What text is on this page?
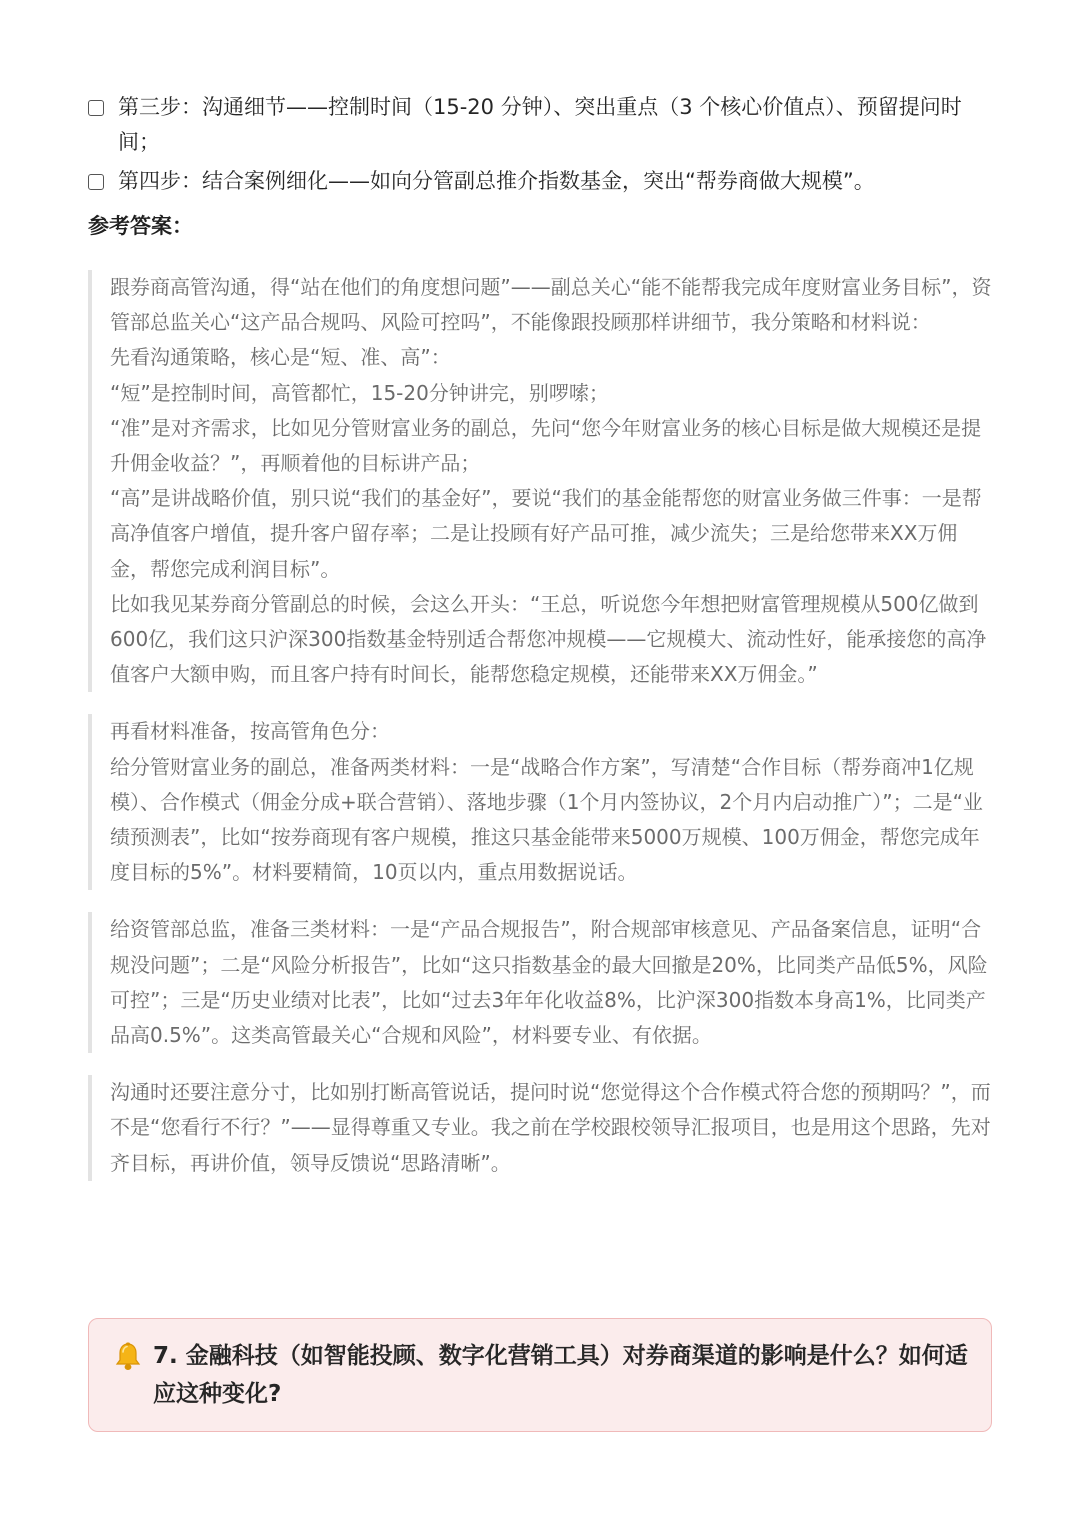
第三步：沟通细节——控制时间（15-20 分钟）、突出重点（3 个核心价值点）、预留提问时间；
第四步：结合案例细化——如向分管副总推介指数基金，突出“帮券商做大规模”。
参考答案：

跟券商高管沟通，得“站在他们的角度想问题”——副总关心“能不能帮我完成年度财富业务目标”，资管部总监关心“这产品合规吗、风险可控吗”，不能像跟投顾那样讲细节，我分策略和材料说：

先看沟通策略，核心是“短、准、高”：

“短”是控制时间，高管都忙，15-20分钟讲完，别啰嗦；

“准”是对齐需求，比如见分管财富业务的副总，先问“您今年财富业务的核心目标是做大规模还是提升佣金收益？”，再顺着他的目标讲产品；

“高”是讲战略价值，别只说“我们的基金好”，要说“我们的基金能帮您的财富业务做三件事：一是帮高净值客户增值，提升客户留存率；二是让投顾有好产品可推，减少流失；三是给您带来XX万佣金，帮您完成利润目标”。

比如我见某券商分管副总的时候，会这么开头：“王总，听说您今年想把财富管理规模从500亿做到600亿，我们这只沪深300指数基金特别适合帮您冲规模——它规模大、流动性好，能承接您的高净值客户大额申购，而且客户持有时间长，能帮您稳定规模，还能带来XX万佣金。”

再看材料准备，按高管角色分：

给分管财富业务的副总，准备两类材料：一是“战略合作方案”，写清楚“合作目标（帮券商冲1亿规模）、合作模式（佣金分成+联合营销）、落地步骤（1个月内签协议，2个月内启动推广）”；二是“业绩预测表”，比如“按券商现有客户规模，推这只基金能带来5000万规模、100万佣金，帮您完成年度目标的5%”。材料要精简，10页以内，重点用数据说话。

给资管部总监，准备三类材料：一是“产品合规报告”，附合规部审核意见、产品备案信息，证明“合规没问题”；二是“风险分析报告”，比如“这只指数基金的最大回撤是20%，比同类产品低5%，风险可控”；三是“历史业绩对比表”，比如“过去3年年化收益8%，比沪深300指数本身高1%，比同类产品高0.5%”。这类高管最关心“合规和风险”，材料要专业、有依据。

沟通时还要注意分寸，比如别打断高管说话，提问时说“您觉得这个合作模式符合您的预期吗？”，而不是“您看行不行？”——显得尊重又专业。我之前在学校跟校领导汇报项目，也是用这个思路，先对齐目标，再讲价值，领导反馈说“思路清晰”。

7. 金融科技（如智能投顾、数字化营销工具）对券商渠道的影响是什么？如何适应这种变化?
